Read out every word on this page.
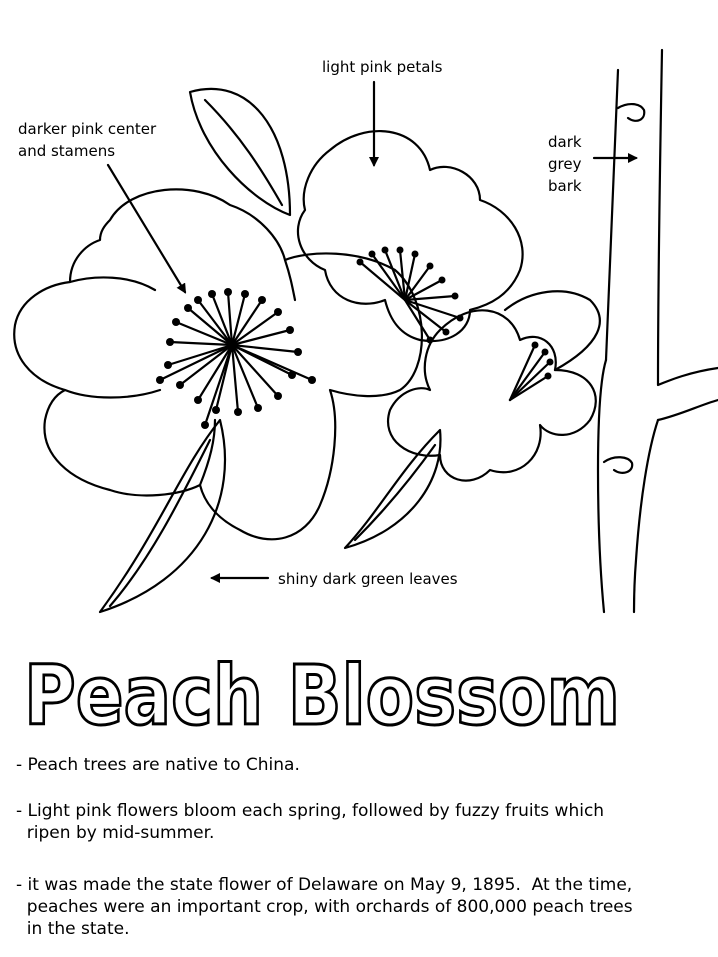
light pink petals
darker pink center
and stamens	dark
grey
bark
shiny dark green leaves
Peach Blossom
- Peach trees are native to China.
- Light pink flowers bloom each spring, followed by fuzzy fruits which
ripen by mid-summer.
- it was made the state flower of Delaware on May 9, 1895.  At the time,
peaches were an important crop, with orchards of 800,000 peach trees
in the state.
